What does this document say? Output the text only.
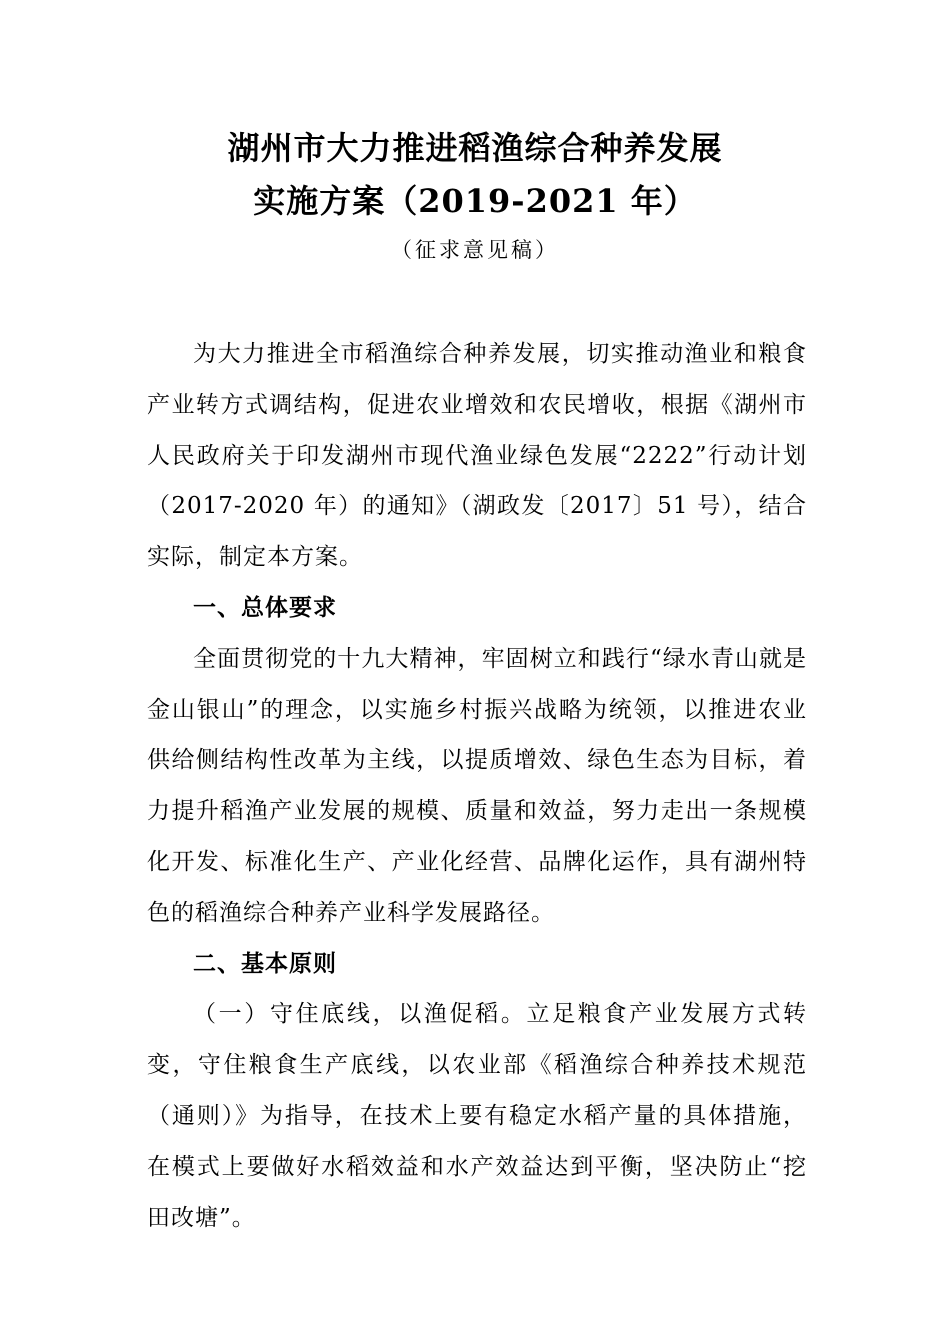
湖州市大力推进稻渔综合种养发展
实施方案（2019-2021 年）
（征求意见稿）

为大力推进全市稻渔综合种养发展，切实推动渔业和粮食产业转方式调结构，促进农业增效和农民增收，根据《湖州市人民政府关于印发湖州市现代渔业绿色发展“2222”行动计划（2017-2020 年）的通知》（湖政发〔2017〕51 号），结合实际，制定本方案。

一、总体要求

全面贯彻党的十九大精神，牢固树立和践行“绿水青山就是金山银山”的理念，以实施乡村振兴战略为统领，以推进农业供给侧结构性改革为主线，以提质增效、绿色生态为目标，着力提升稻渔产业发展的规模、质量和效益，努力走出一条规模化开发、标准化生产、产业化经营、品牌化运作，具有湖州特色的稻渔综合种养产业科学发展路径。

二、基本原则

（一）守住底线，以渔促稻。立足粮食产业发展方式转变，守住粮食生产底线，以农业部《稻渔综合种养技术规范（通则）》为指导，在技术上要有稳定水稻产量的具体措施，在模式上要做好水稻效益和水产效益达到平衡，坚决防止“挖田改塘”。
